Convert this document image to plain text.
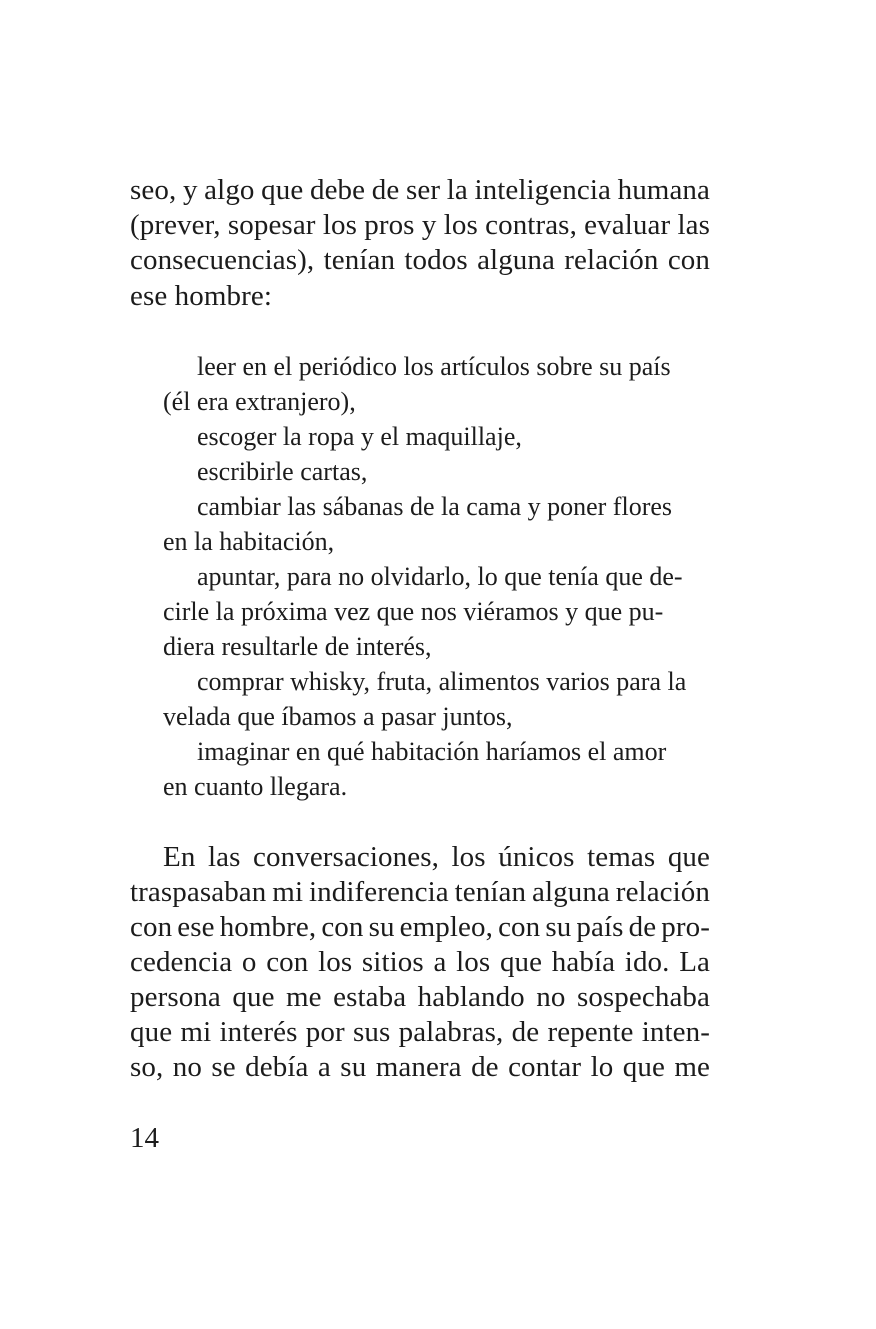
seo, y algo que debe de ser la inteligencia humana

(prever, sopesar los pros y los contras, evaluar las

consecuencias), tenían todos alguna relación con

ese hombre:

leer en el periódico los artículos sobre su país

(él era extranjero),

escoger la ropa y el maquillaje,

escribirle cartas,

cambiar las sábanas de la cama y poner flores

en la habitación,

apuntar, para no olvidarlo, lo que tenía que de-

cirle la próxima vez que nos viéramos y que pu-

diera resultarle de interés,

comprar whisky, fruta, alimentos varios para la

velada que íbamos a pasar juntos,

imaginar en qué habitación haríamos el amor

en cuanto llegara.

En las conversaciones, los únicos temas que

traspasaban mi indiferencia tenían alguna relación

con ese hombre, con su empleo, con su país de pro-

cedencia o con los sitios a los que había ido. La

persona que me estaba hablando no sospechaba

que mi interés por sus palabras, de repente inten-

so, no se debía a su manera de contar lo que me

14
